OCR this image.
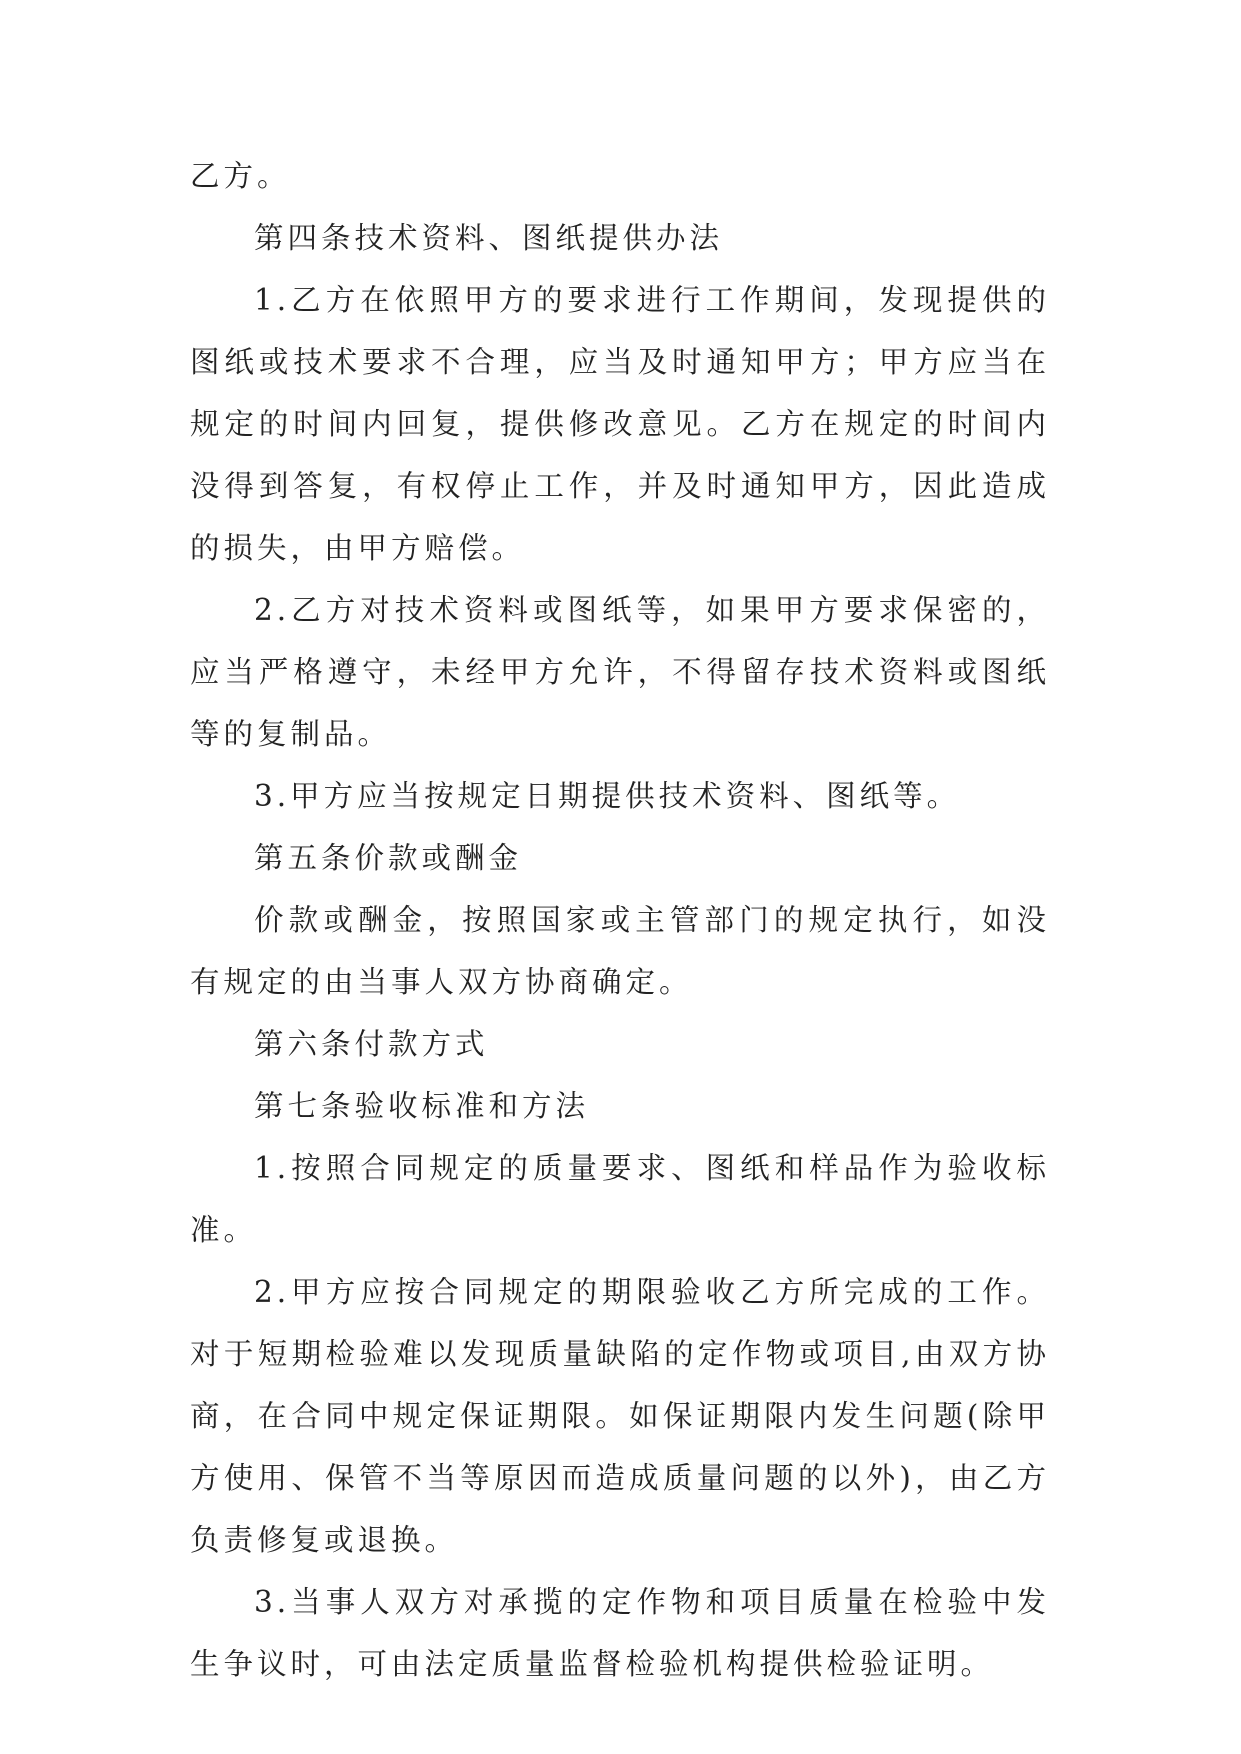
乙方。

第四条技术资料、图纸提供办法

1.乙方在依照甲方的要求进行工作期间，发现提供的图纸或技术要求不合理，应当及时通知甲方；甲方应当在规定的时间内回复，提供修改意见。乙方在规定的时间内没得到答复，有权停止工作，并及时通知甲方，因此造成的损失，由甲方赔偿。

2.乙方对技术资料或图纸等，如果甲方要求保密的，应当严格遵守，未经甲方允许，不得留存技术资料或图纸等的复制品。

3.甲方应当按规定日期提供技术资料、图纸等。

第五条价款或酬金

价款或酬金，按照国家或主管部门的规定执行，如没有规定的由当事人双方协商确定。

第六条付款方式

第七条验收标准和方法

1.按照合同规定的质量要求、图纸和样品作为验收标准。

2.甲方应按合同规定的期限验收乙方所完成的工作。对于短期检验难以发现质量缺陷的定作物或项目,由双方协商，在合同中规定保证期限。如保证期限内发生问题(除甲方使用、保管不当等原因而造成质量问题的以外)，由乙方负责修复或退换。

3.当事人双方对承揽的定作物和项目质量在检验中发生争议时，可由法定质量监督检验机构提供检验证明。
